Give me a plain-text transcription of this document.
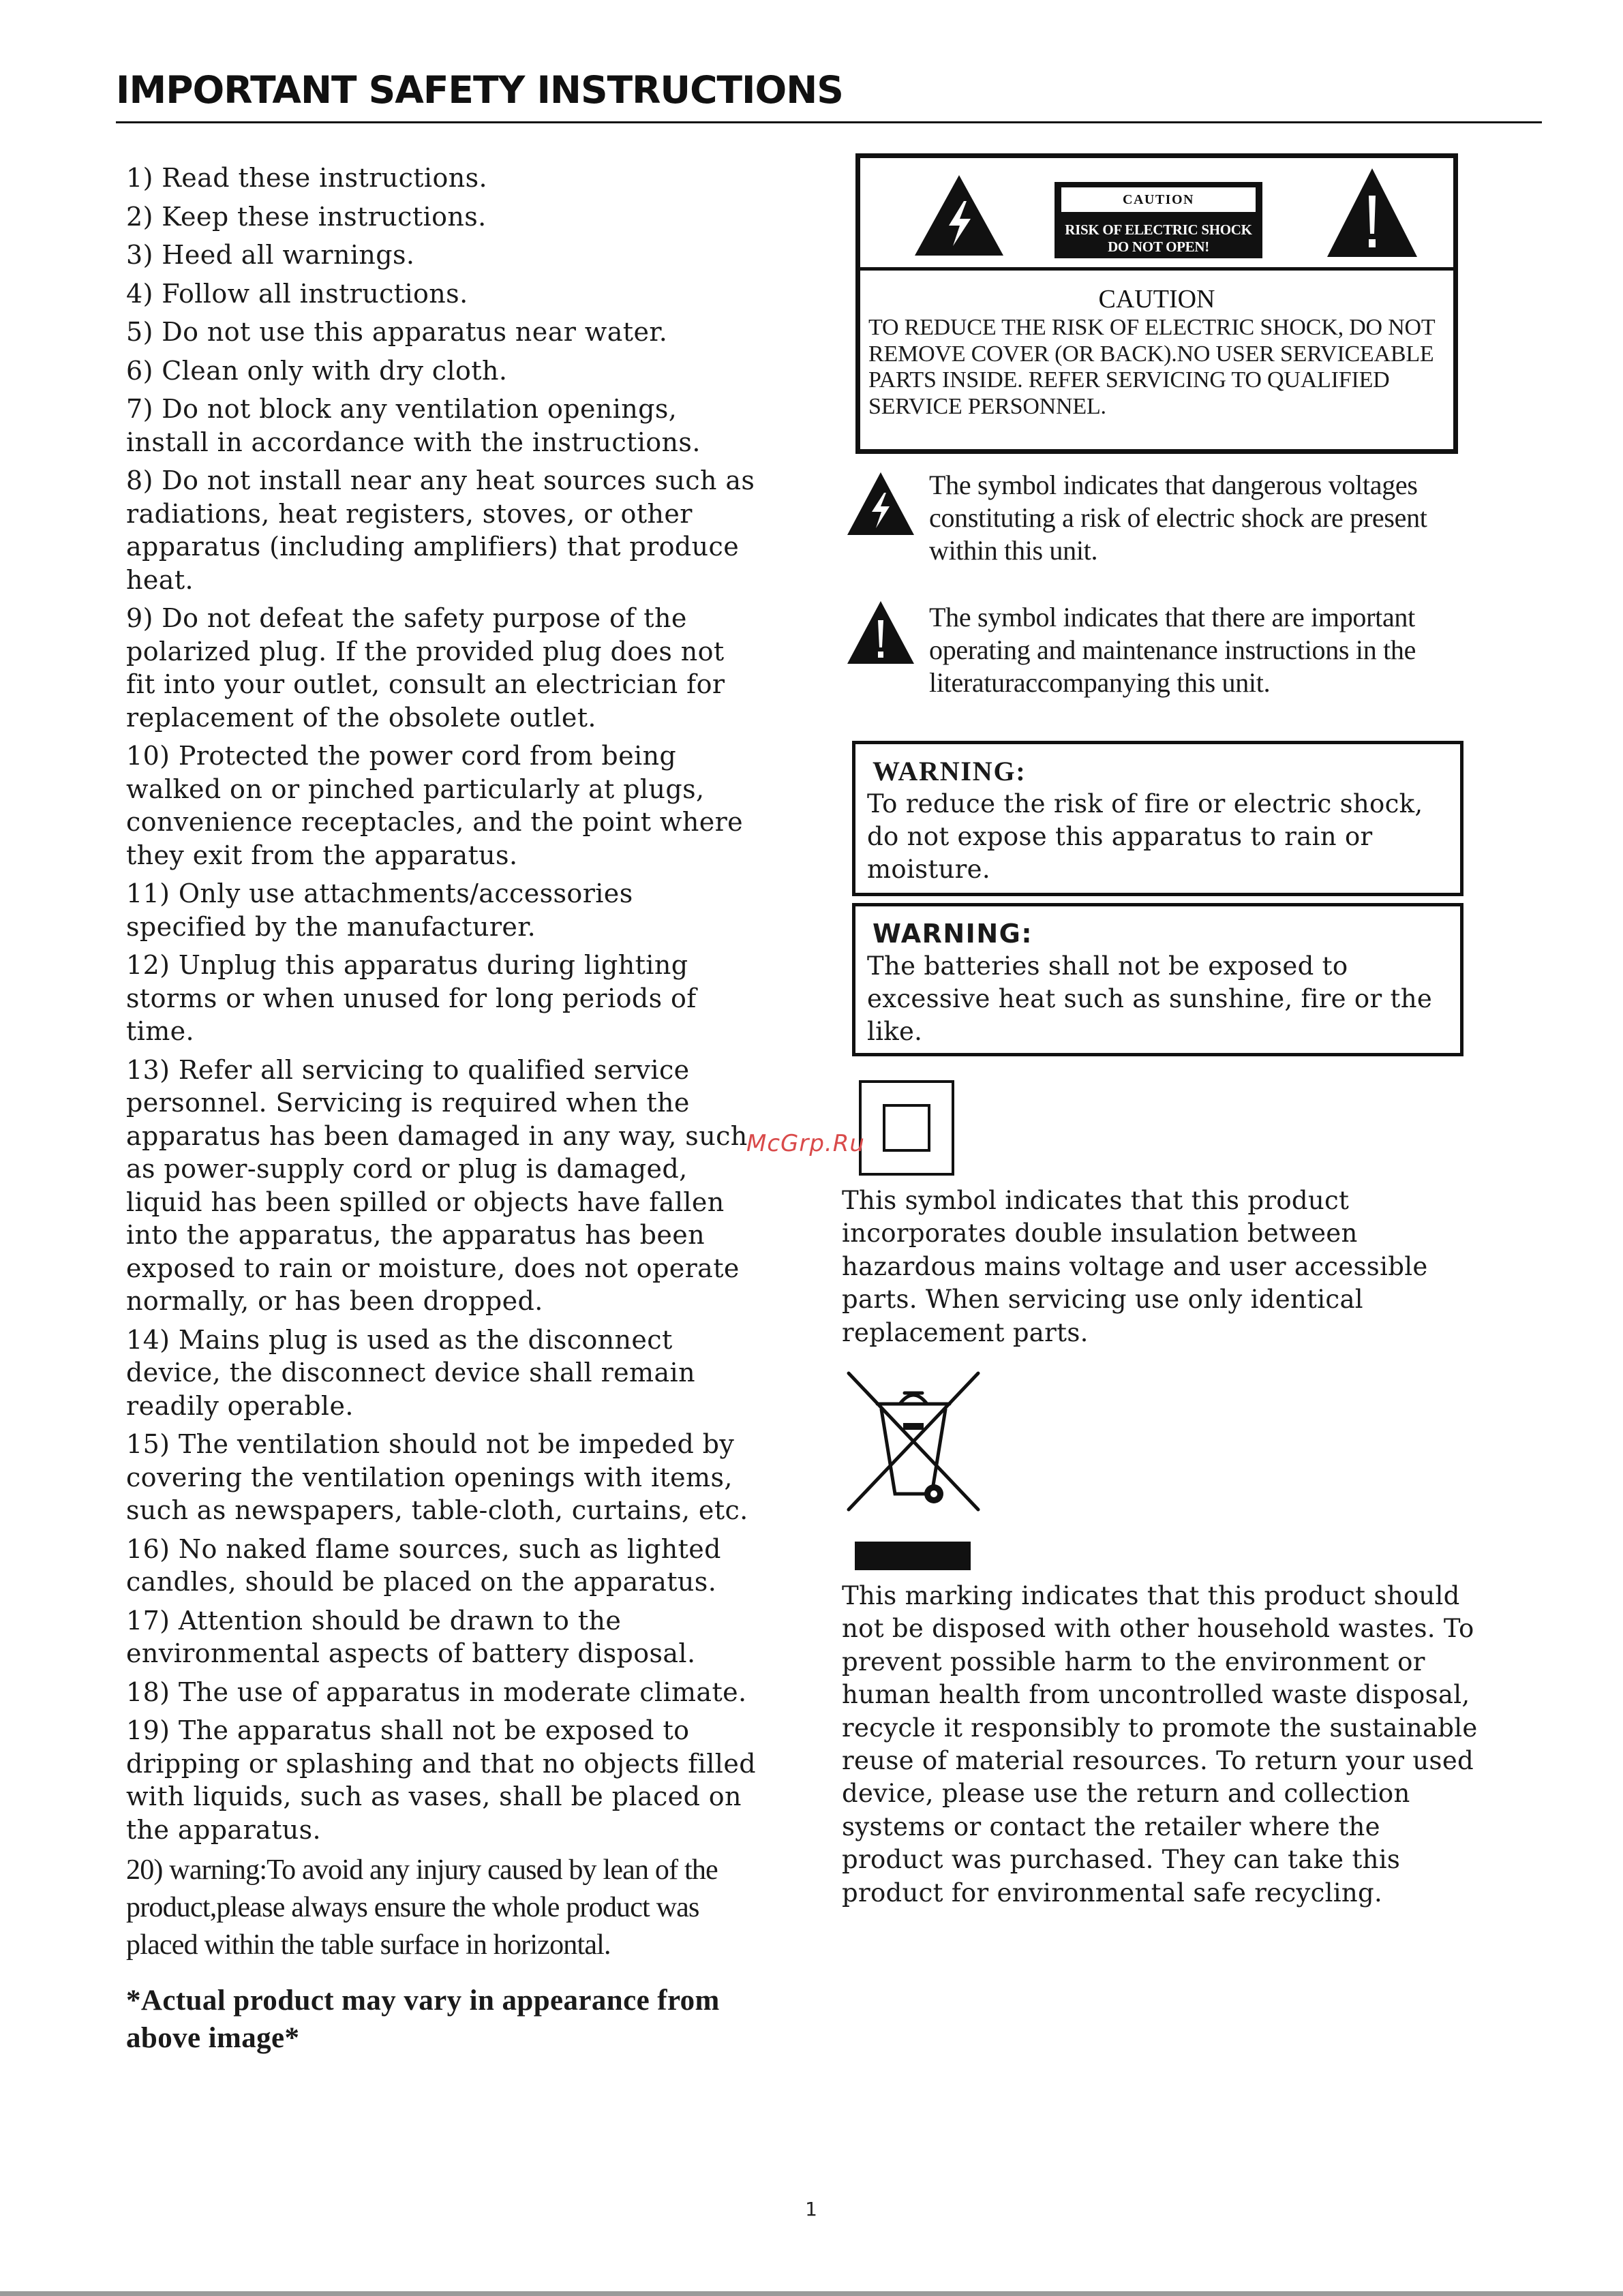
IMPORTANT SAFETY INSTRUCTIONS

1) Read these instructions.

2) Keep these instructions.

3) Heed all warnings.

4) Follow all instructions.

5) Do not use this apparatus near water.

6) Clean only with dry cloth.

7) Do not block any ventilation openings, install in accordance with the instructions.

8) Do not install near any heat sources such as radiations, heat registers, stoves, or other apparatus (including amplifiers) that produce heat.

9) Do not defeat the safety purpose of the polarized plug. If the provided plug does not fit into your outlet, consult an electrician for replacement of the obsolete outlet.

10) Protected the power cord from being walked on or pinched particularly at plugs, convenience receptacles, and the point where they exit from the apparatus.

11) Only use attachments/accessories specified by the manufacturer.

12) Unplug this apparatus during lighting storms or when unused for long periods of time.

13) Refer all servicing to qualified service personnel. Servicing is required when the apparatus has been damaged in any way, such as power-supply cord or plug is damaged, liquid has been spilled or objects have fallen into the apparatus, the apparatus has been exposed to rain or moisture, does not operate normally, or has been dropped.

14) Mains plug is used as the disconnect device, the disconnect device shall remain readily operable.

15) The ventilation should not be impeded by covering the ventilation openings with items, such as newspapers, table-cloth, curtains, etc.

16) No naked flame sources, such as lighted candles, should be placed on the apparatus.

17) Attention should be drawn to the environmental aspects of battery disposal.

18) The use of apparatus in moderate climate.

19) The apparatus shall not be exposed to dripping or splashing and that no objects filled with liquids, such as vases, shall be placed on the apparatus.

20) warning:To avoid any injury caused by lean of the product,please always ensure the whole product was placed within the table surface in horizontal.

*Actual product may vary in appearance from above image*

CAUTION
RISK OF ELECTRIC SHOCK
DO NOT OPEN!
CAUTION
TO REDUCE THE RISK OF ELECTRIC SHOCK, DO NOT REMOVE COVER (OR BACK).NO USER SERVICEABLE PARTS INSIDE. REFER SERVICING TO QUALIFIED SERVICE PERSONNEL.
The symbol indicates that dangerous voltages constituting a risk of electric shock are present within this unit.
The symbol indicates that there are important operating and maintenance instructions in the literaturaccompanying this unit.
WARNING:
To reduce the risk of fire or electric shock, do not expose this apparatus to rain or moisture.
WARNING:
The batteries shall not be exposed to excessive heat such as sunshine, fire or the like.
McGrp.Ru
This symbol indicates that this product incorporates double insulation between hazardous mains voltage and user accessible parts. When servicing use only identical replacement parts.
This marking indicates that this product should not be disposed with other household wastes. To prevent possible harm to the environment or human health from uncontrolled waste disposal, recycle it responsibly to promote the sustainable reuse of material resources. To return your used device, please use the return and collection systems or contact the retailer where the product was purchased. They can take this product for environmental safe recycling.
1
